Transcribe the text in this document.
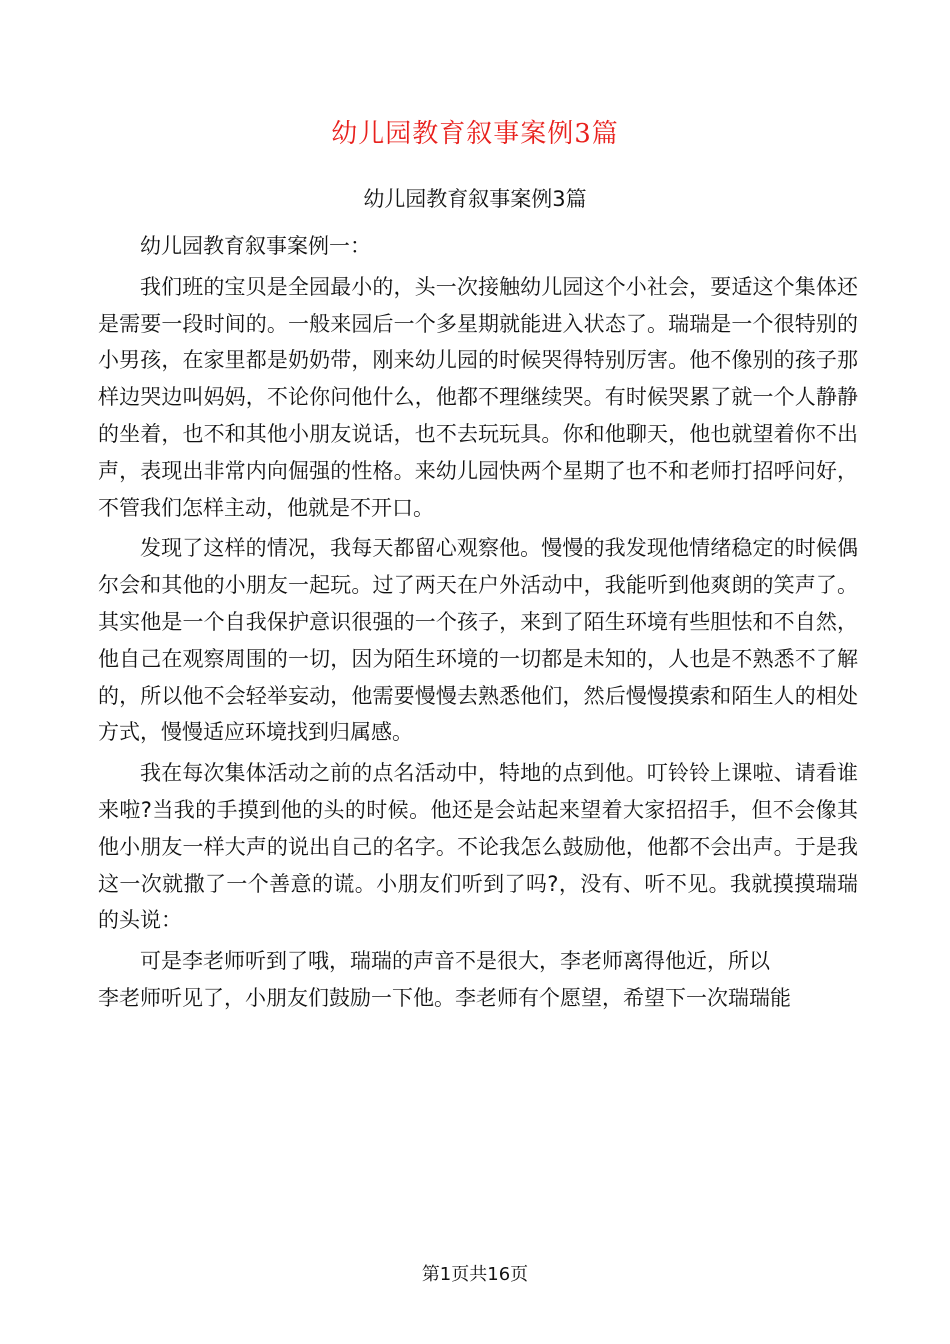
幼儿园教育叙事案例3篇
幼儿园教育叙事案例3篇

幼儿园教育叙事案例一：

我们班的宝贝是全园最小的，头一次接触幼儿园这个小社会，要适这个集体还是需要一段时间的。一般来园后一个多星期就能进入状态了。瑞瑞是一个很特别的小男孩，在家里都是奶奶带，刚来幼儿园的时候哭得特别厉害。他不像别的孩子那样边哭边叫妈妈，不论你问他什么，他都不理继续哭。有时候哭累了就一个人静静的坐着，也不和其他小朋友说话，也不去玩玩具。你和他聊天，他也就望着你不出声，表现出非常内向倔强的性格。来幼儿园快两个星期了也不和老师打招呼问好，不管我们怎样主动，他就是不开口。

发现了这样的情况，我每天都留心观察他。慢慢的我发现他情绪稳定的时候偶尔会和其他的小朋友一起玩。过了两天在户外活动中，我能听到他爽朗的笑声了。其实他是一个自我保护意识很强的一个孩子，来到了陌生环境有些胆怯和不自然，他自己在观察周围的一切，因为陌生环境的一切都是未知的，人也是不熟悉不了解的，所以他不会轻举妄动，他需要慢慢去熟悉他们，然后慢慢摸索和陌生人的相处方式，慢慢适应环境找到归属感。

我在每次集体活动之前的点名活动中，特地的点到他。叮铃铃上课啦、请看谁来啦?当我的手摸到他的头的时候。他还是会站起来望着大家招招手，但不会像其他小朋友一样大声的说出自己的名字。不论我怎么鼓励他，他都不会出声。于是我这一次就撒了一个善意的谎。小朋友们听到了吗?，没有、听不见。我就摸摸瑞瑞的头说：

可是李老师听到了哦，瑞瑞的声音不是很大，李老师离得他近，所以

李老师听见了，小朋友们鼓励一下他。李老师有个愿望，希望下一次瑞瑞能

第1页共16页
